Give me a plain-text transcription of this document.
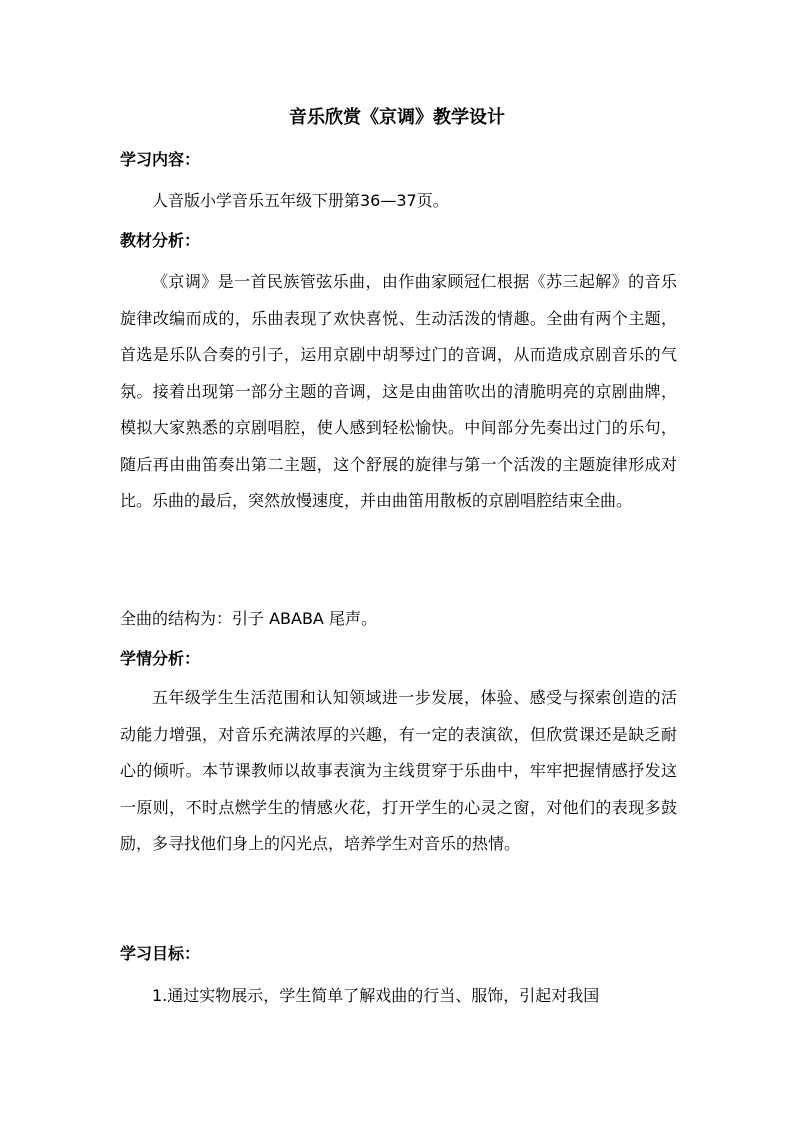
音乐欣赏《京调》教学设计
学习内容：

人音版小学音乐五年级下册第36—37页。

教材分析：

《京调》是一首民族管弦乐曲，由作曲家顾冠仁根据《苏三起解》的音乐旋律改编而成的，乐曲表现了欢快喜悦、生动活泼的情趣。全曲有两个主题，首选是乐队合奏的引子，运用京剧中胡琴过门的音调，从而造成京剧音乐的气氛。接着出现第一部分主题的音调，这是由曲笛吹出的清脆明亮的京剧曲牌，模拟大家熟悉的京剧唱腔，使人感到轻松愉快。中间部分先奏出过门的乐句，随后再由曲笛奏出第二主题，这个舒展的旋律与第一个活泼的主题旋律形成对比。乐曲的最后，突然放慢速度，并由曲笛用散板的京剧唱腔结束全曲。

全曲的结构为：引子 ABABA 尾声。

学情分析：

五年级学生生活范围和认知领域进一步发展，体验、感受与探索创造的活动能力增强，对音乐充满浓厚的兴趣，有一定的表演欲，但欣赏课还是缺乏耐心的倾听。本节课教师以故事表演为主线贯穿于乐曲中，牢牢把握情感抒发这一原则，不时点燃学生的情感火花，打开学生的心灵之窗，对他们的表现多鼓励，多寻找他们身上的闪光点，培养学生对音乐的热情。

学习目标：

1.通过实物展示，学生简单了解戏曲的行当、服饰，引起对我国
